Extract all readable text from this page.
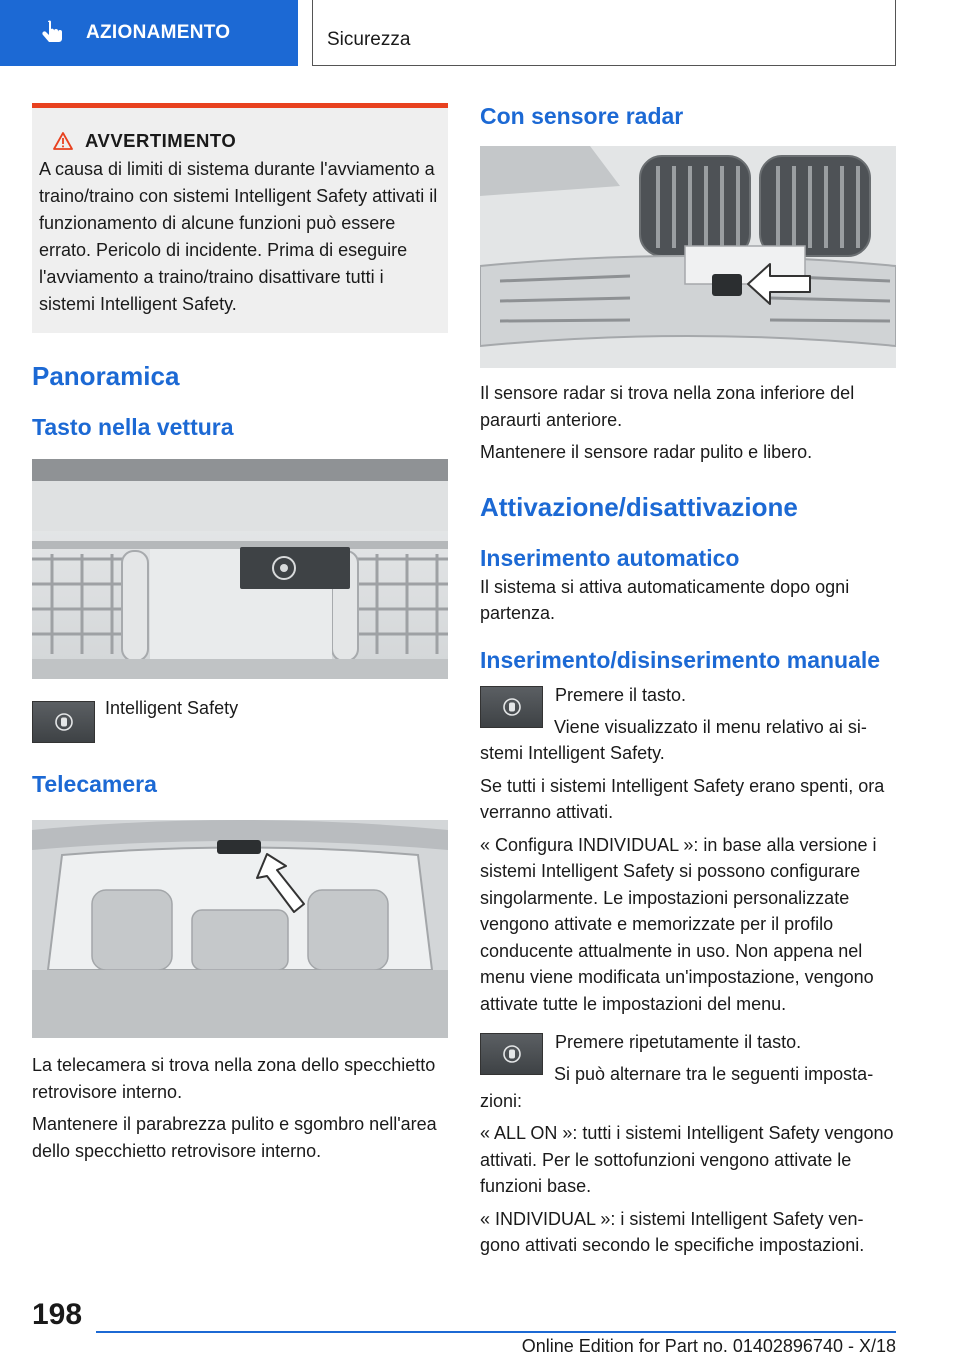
AZIONAMENTO	Sicurezza
AVVERTIMENTO

A causa di limiti di sistema durante l'avviamento a traino/traino con sistemi Intelligent Safety attivati il funzionamento di alcune funzioni può essere errato. Pericolo di incidente. Prima di eseguire l'avviamento a traino/traino disattivare tutti i sistemi Intelligent Safety.

Panoramica
Tasto nella vettura

Intelligent Safety

Telecamera

La telecamera si trova nella zona dello specchietto retrovisore interno.

Mantenere il parabrezza pulito e sgombro nell'area dello specchietto retrovisore interno.

Con sensore radar

Il sensore radar si trova nella zona inferiore del paraurti anteriore.

Mantenere il sensore radar pulito e libero.

Attivazione/disattivazione
Inserimento automatico

Il sistema si attiva automaticamente dopo ogni partenza.

Inserimento/disinserimento manuale

Premere il tasto.

Viene visualizzato il menu relativo ai sistemi Intelligent Safety.

Se tutti i sistemi Intelligent Safety erano spenti, ora verranno attivati.

« Configura INDIVIDUAL »: in base alla versione i sistemi Intelligent Safety si possono configurare singolarmente. Le impostazioni personalizzate vengono attivate e memorizzate per il profilo conducente attualmente in uso. Non appena nel menu viene modificata un'impostazione, vengono attivate tutte le impostazioni del menu.

Premere ripetutamente il tasto.

Si può alternare tra le seguenti impostazioni:

« ALL ON »: tutti i sistemi Intelligent Safety vengono attivati. Per le sottofunzioni vengono attivate le funzioni base.

« INDIVIDUAL »: i sistemi Intelligent Safety vengono attivati secondo le specifiche impostazioni.

198
Online Edition for Part no. 01402896740 - X/18
